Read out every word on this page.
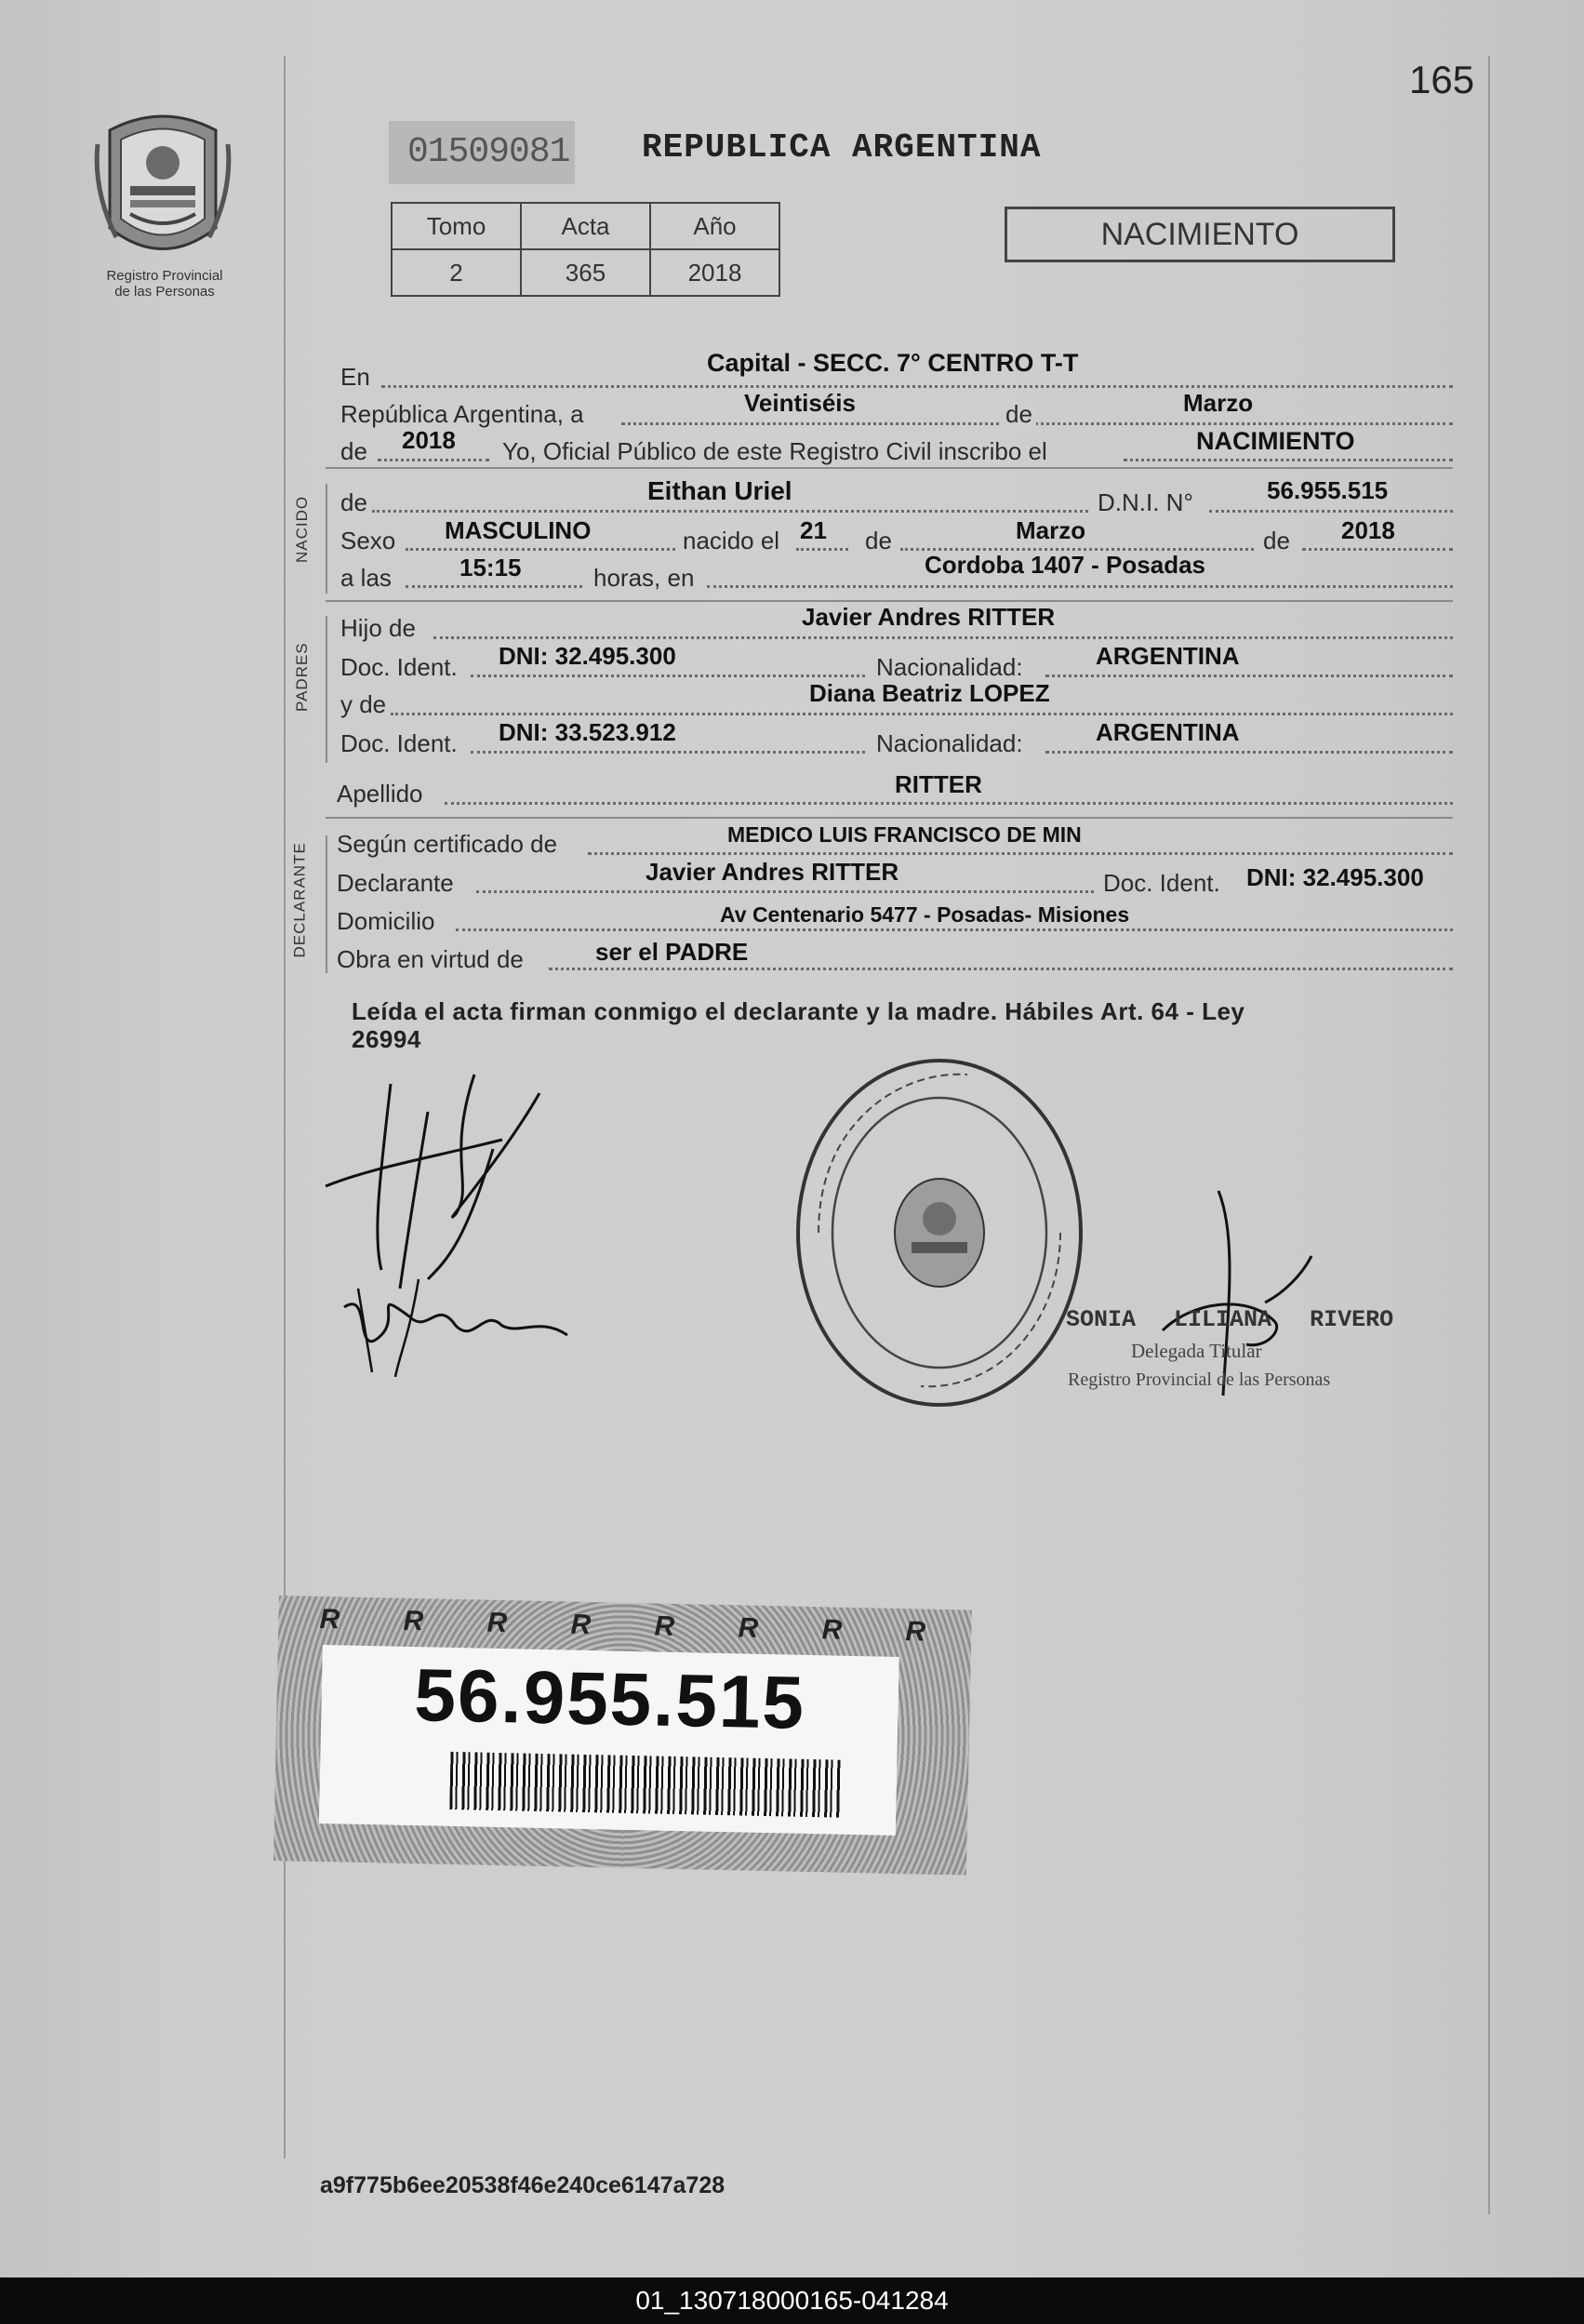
165
Registro Provincial
de las Personas
01509081 REPUBLICA ARGENTINA
Tomo	Acta	Año
2	365	2018
NACIMIENTO
En	Capital - SECC. 7° CENTRO T-T
República Argentina, a	Veintiséis	de	Marzo
de 2018 Yo, Oficial Público de este Registro Civil inscribo el	NACIMIENTO
NACIDO de	Eithan Uriel	D.N.I. N°	56.955.515
Sexo MASCULINO	nacido el 21 de	Marzo	de 2018
a las	15:15	horas, en	Cordoba 1407 - Posadas
PADRES
Hijo de	Javier Andres RITTER
Doc. Ident. DNI: 32.495.300	Nacionalidad:	ARGENTINA
y de	Diana Beatriz LOPEZ
Doc. Ident. DNI: 33.523.912	Nacionalidad:	ARGENTINA
Apellido	RITTER
DECLARANTE Según certificado de	MEDICO LUIS FRANCISCO DE MIN
Declarante	Javier Andres RITTER	Doc. Ident. DNI: 32.495.300
Domicilio	Av Centenario 5477 - Posadas- Misiones
Obra en virtud de	ser el PADRE
Leída el acta firman conmigo el declarante y la madre. Hábiles Art. 64 - Ley
26994
SONIA LILIANA RIVERO
Delegada Titular
Registro Provincial de las Personas
R R R R R R R R
56.955.515
a9f775b6ee20538f46e240ce6147a728
01_130718000165-041284
